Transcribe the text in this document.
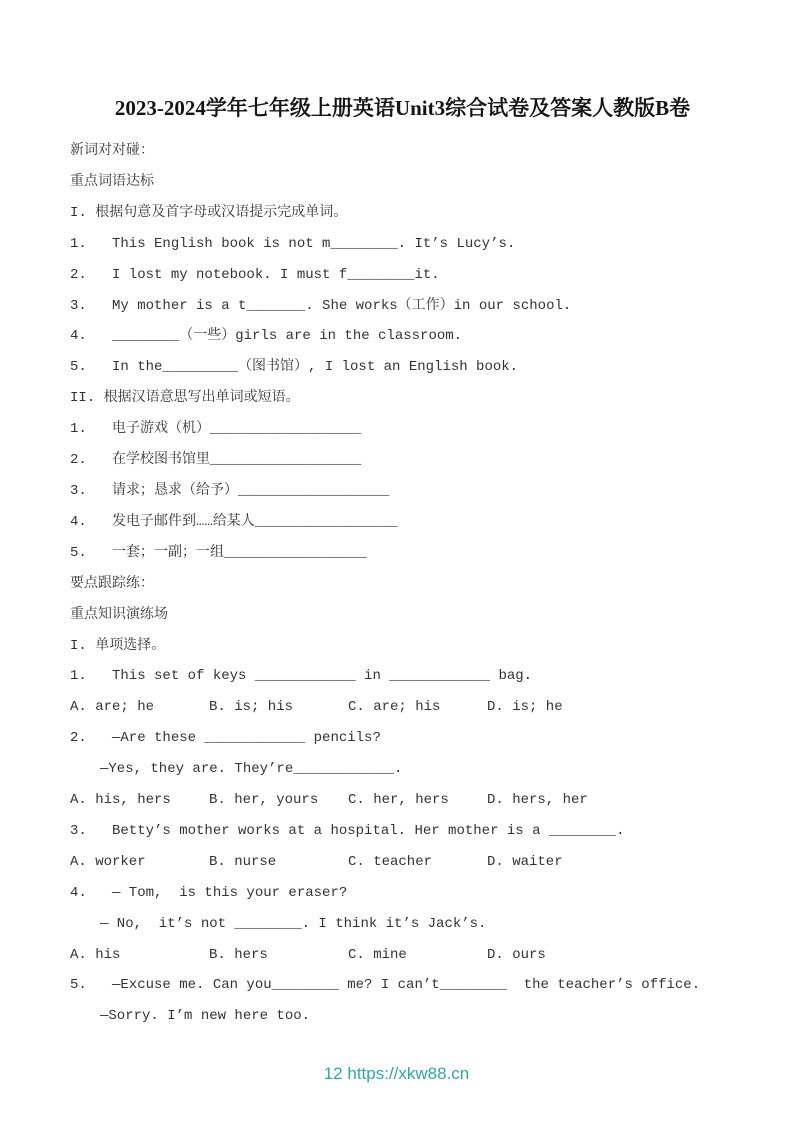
2023-2024学年七年级上册英语Unit3综合试卷及答案人教版B卷
新词对对碰：
重点词语达标
I. 根据句意及首字母或汉语提示完成单词。
1.   This English book is not m________. It’s Lucy’s.
2.   I lost my notebook. I must f________it.
3.   My mother is a t_______. She works（工作）in our school.
4.   ________（一些）girls are in the classroom.
5.   In the_________（图书馆）, I lost an English book.
II. 根据汉语意思写出单词或短语。
1.   电子游戏（机）__________________
2.   在学校图书馆里__________________
3.   请求；恳求（给予）__________________
4.   发电子邮件到……给某人_________________
5.   一套；一副；一组_________________
要点跟踪练：
重点知识演练场
I. 单项选择。
1.   This set of keys ____________ in ____________ bag.
A. are; he	B. is; his	C. are; his	D. is; he
2.   —Are these ____________ pencils?
—Yes, they are. They’re____________.
A. his, hers	B. her, yours	C. her, hers	D. hers, her
3.   Betty’s mother works at a hospital. Her mother is a ________.
A. worker	B. nurse	C. teacher	D. waiter
4.   — Tom,  is this your eraser?
— No,  it’s not ________. I think it’s Jack’s.
A. his	B. hers	C. mine	D. ours
5.   —Excuse me. Can you________ me? I can’t________  the teacher’s office.
—Sorry. I’m new here too.
12 https://xkw88.cn
